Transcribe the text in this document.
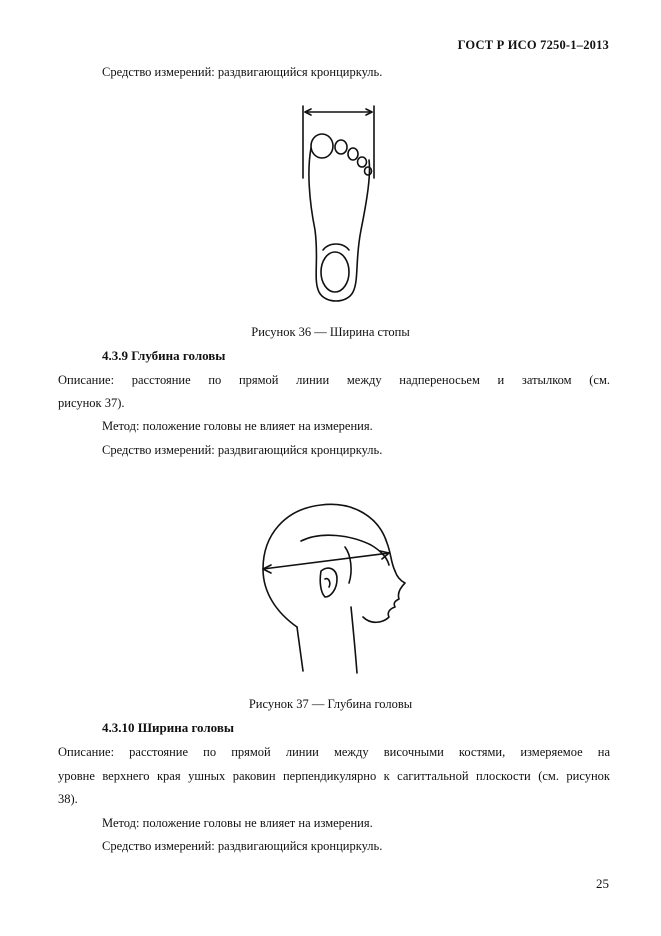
ГОСТ Р ИСО 7250-1–2013
Средство измерений: раздвигающийся кронциркуль.
Рисунок 36 — Ширина стопы
4.3.9 Глубина головы
Описание: расстояние по прямой линии между надпереносьем и затылком (см.
рисунок 37).
Метод: положение головы не влияет на измерения.
Средство измерений: раздвигающийся кронциркуль.
Рисунок 37 — Глубина головы
4.3.10 Ширина головы
Описание: расстояние по прямой линии между височными костями, измеряемое на
уровне верхнего края ушных раковин перпендикулярно к сагиттальной плоскости (см. рисунок
38).
Метод: положение головы не влияет на измерения.
Средство измерений: раздвигающийся кронциркуль.
25
